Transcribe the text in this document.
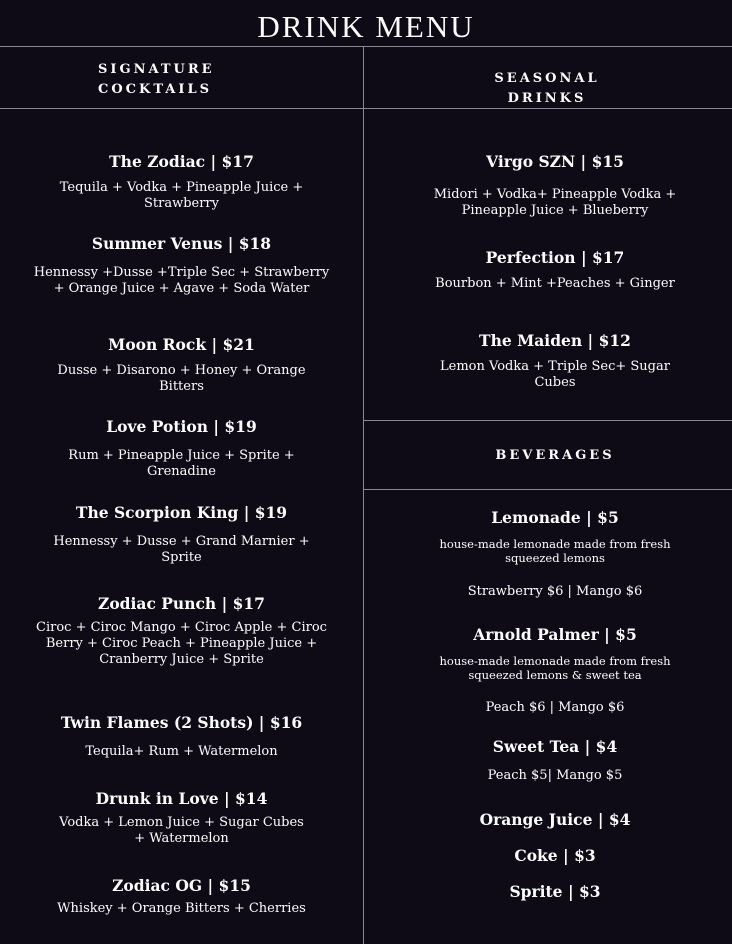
DRINK MENU
SIGNATURE COCKTAILS
SEASONAL DRINKS
BEVERAGES
The Zodiac | $17
Tequila + Vodka + Pineapple Juice + Strawberry
Summer Venus | $18
Hennessy +Dusse +Triple Sec + Strawberry + Orange Juice + Agave + Soda Water
Moon Rock | $21
Dusse + Disarono + Honey + Orange Bitters
Love Potion | $19
Rum + Pineapple Juice + Sprite + Grenadine
The Scorpion King | $19
Hennessy + Dusse + Grand Marnier + Sprite
Zodiac Punch | $17
Ciroc + Ciroc Mango + Ciroc Apple + Ciroc Berry + Ciroc Peach + Pineapple Juice + Cranberry Juice + Sprite
Twin Flames (2 Shots) | $16
Tequila+ Rum + Watermelon
Drunk in Love | $14
Vodka + Lemon Juice + Sugar Cubes + Watermelon
Zodiac OG | $15
Whiskey + Orange Bitters + Cherries
Virgo SZN | $15
Midori + Vodka+ Pineapple Vodka + Pineapple Juice + Blueberry
Perfection | $17
Bourbon + Mint +Peaches + Ginger
The Maiden | $12
Lemon Vodka + Triple Sec+ Sugar Cubes
Lemonade | $5
house-made lemonade made from fresh squeezed lemons
Strawberry $6 | Mango $6
Arnold Palmer | $5
house-made lemonade made from fresh squeezed lemons & sweet tea
Peach $6 | Mango $6
Sweet Tea | $4
Peach $5| Mango $5
Orange Juice | $4
Coke | $3
Sprite | $3
